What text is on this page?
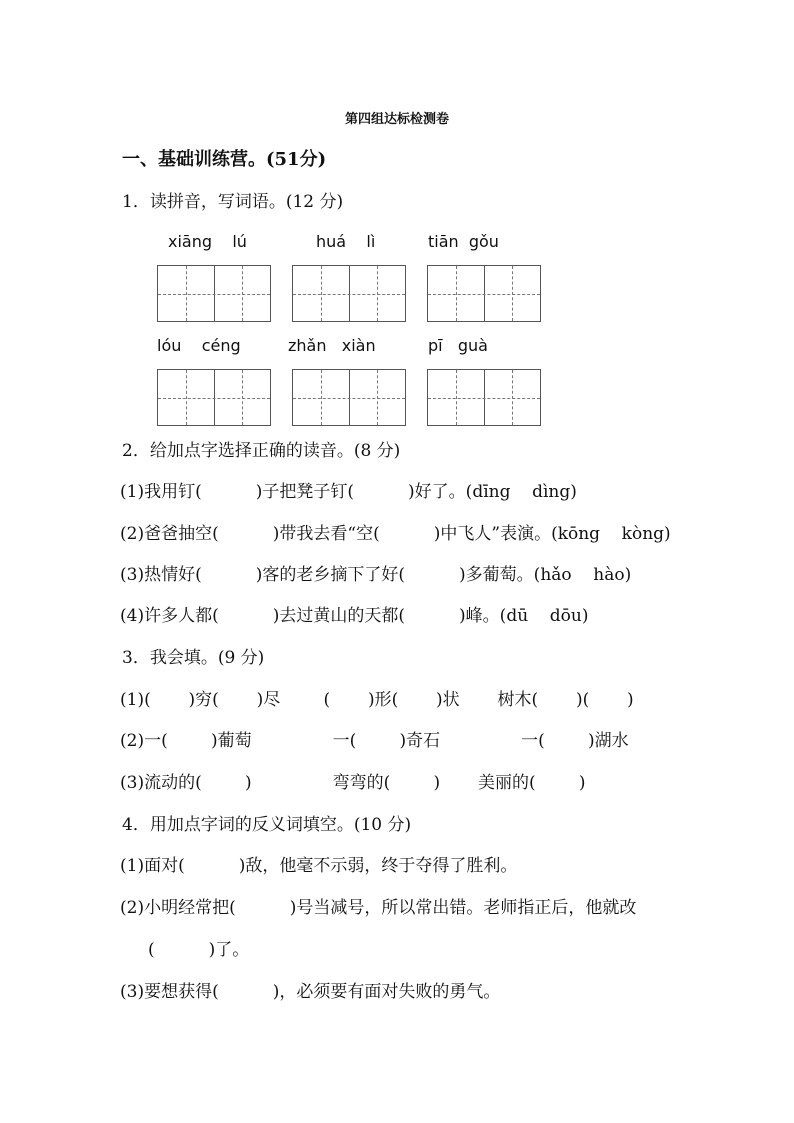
第四组达标检测卷
一、基础训练营。(51分)
1．读拼音，写词语。(12 分)
xiāng    lú	huá    lì	tiān  gǒu
lóu    céng	zhǎn   xiàn	pī   guà
2．给加点字选择正确的读音。(8 分)
(1)我用钉(          )子把凳子钉(          )好了。(dīng    dìng)
(2)爸爸抽空(          )带我去看“空(          )中飞人”表演。(kōng    kòng)
(3)热情好(          )客的老乡摘下了好(          )多葡萄。(hǎo    hào)
(4)许多人都(          )去过黄山的天都(          )峰。(dū    dōu)
3．我会填。(9 分)
(1)(       )穷(       )尽        (       )形(       )状       树木(       )(       )
(2)一(        )葡萄               一(        )奇石               一(        )湖水
(3)流动的(        )               弯弯的(        )       美丽的(        )
4．用加点字词的反义词填空。(10 分)
(1)面对(          )敌，他毫不示弱，终于夺得了胜利。
(2)小明经常把(          )号当减号，所以常出错。老师指正后，他就改
(          )了。
(3)要想获得(          )，必须要有面对失败的勇气。
